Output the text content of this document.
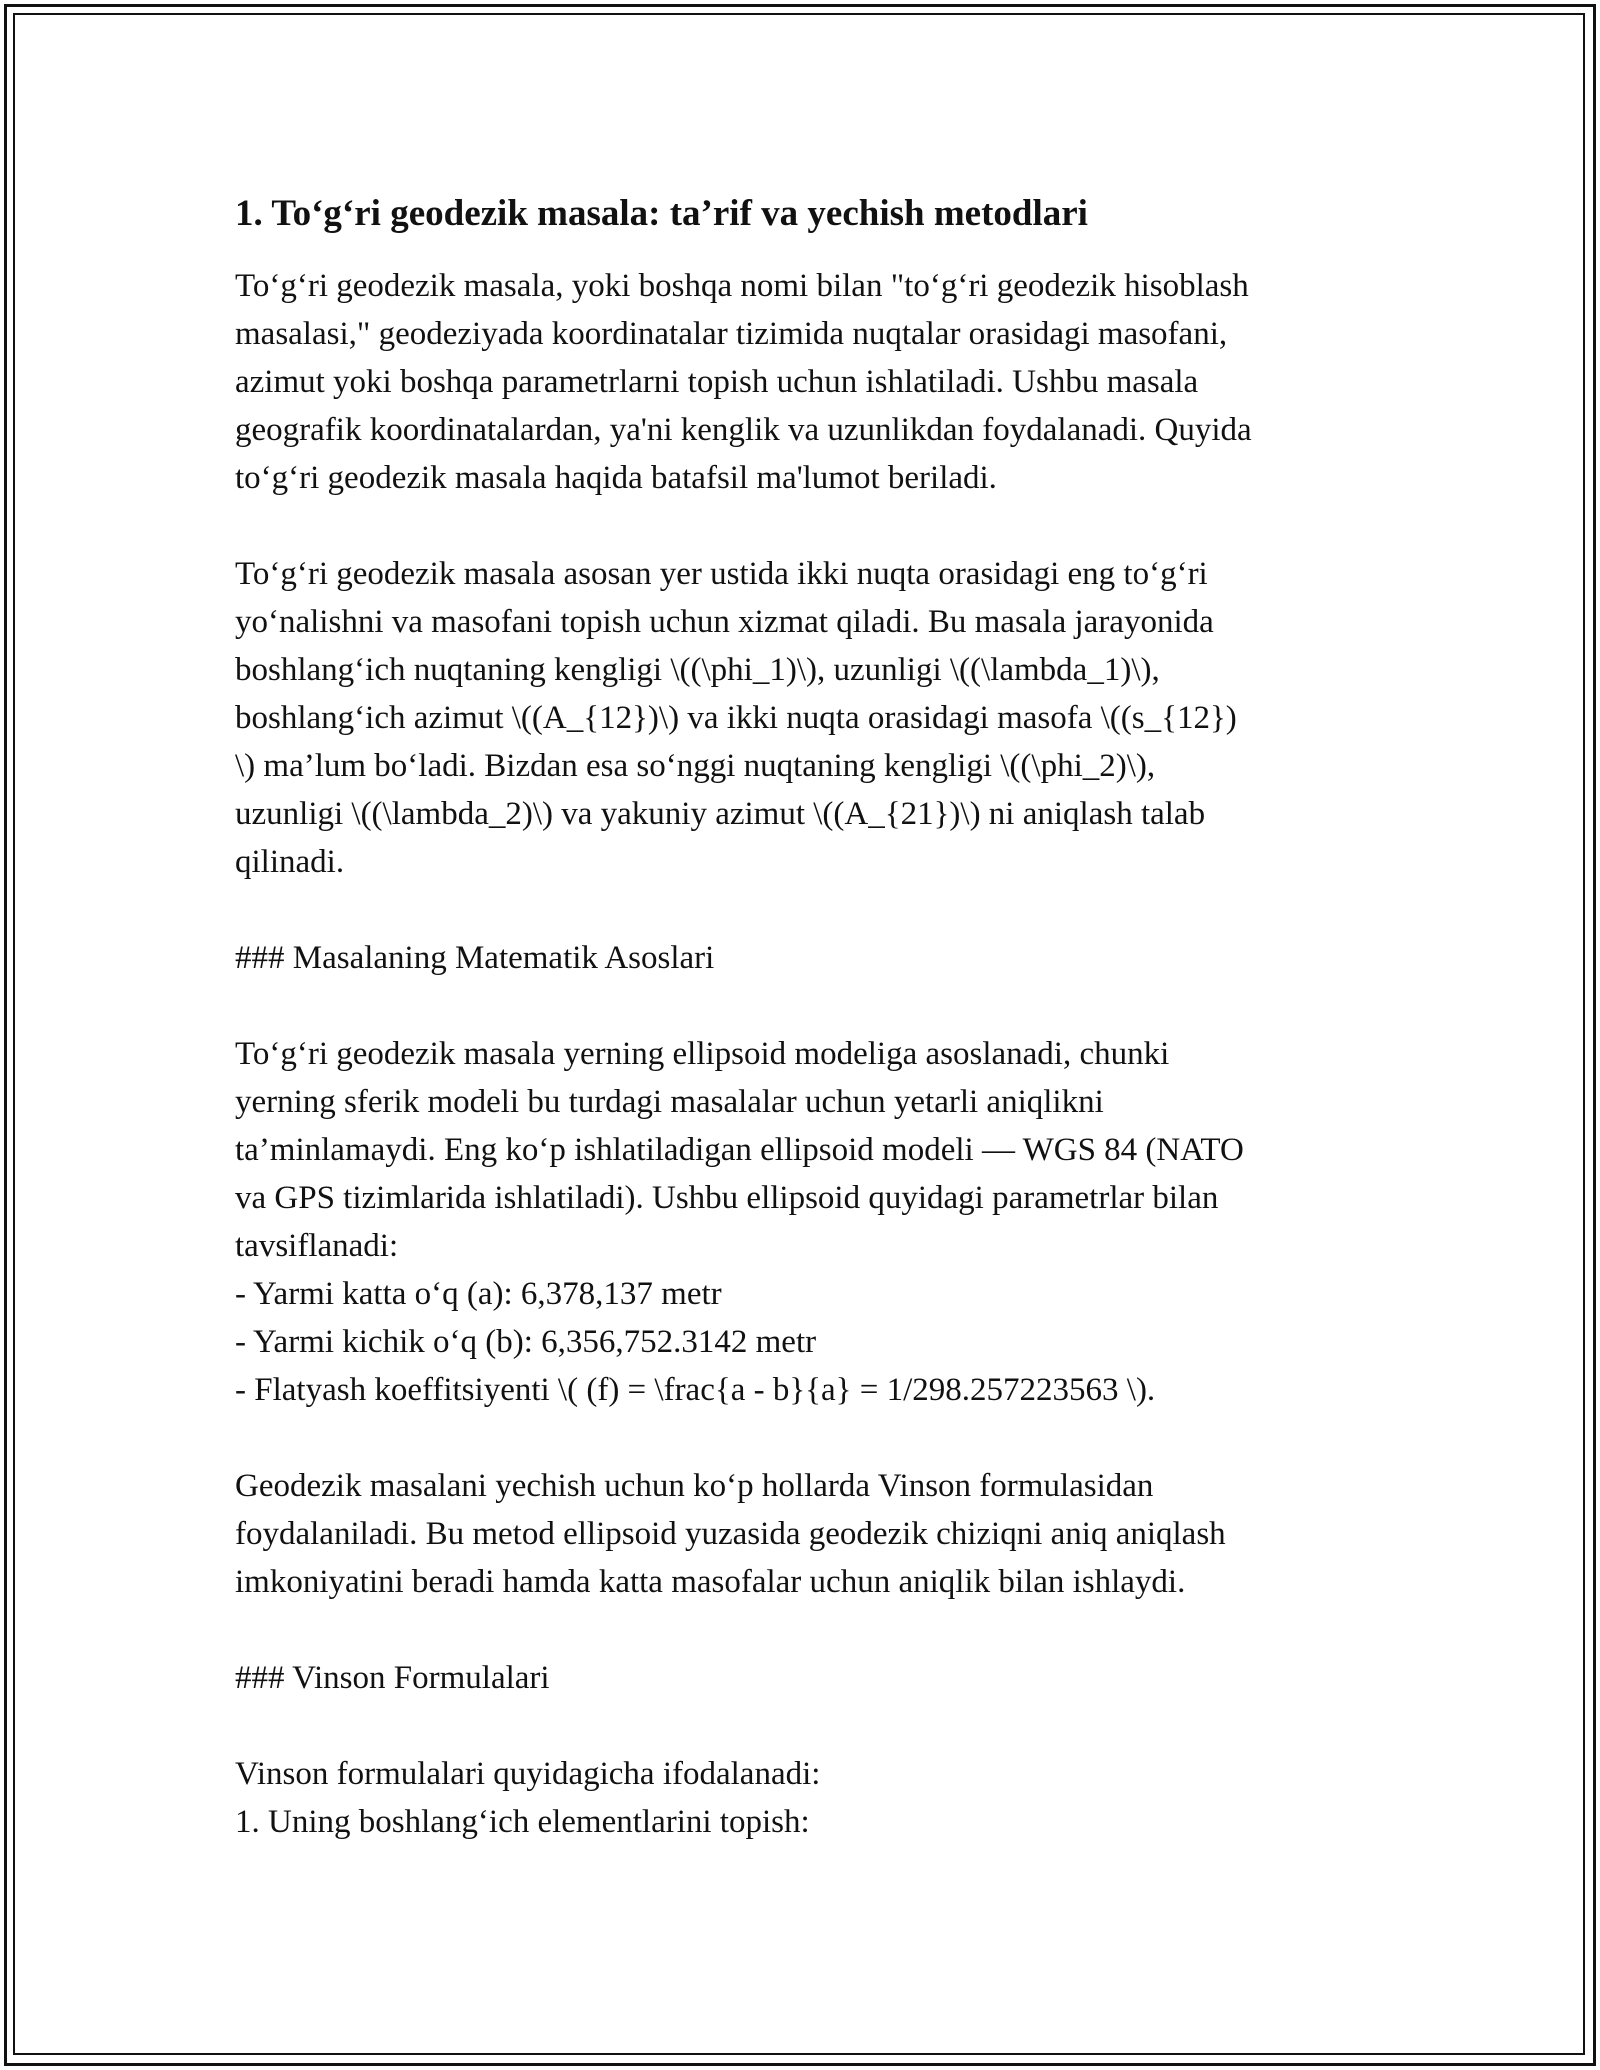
1. To‘g‘ri geodezik masala: ta’rif va yechish metodlari

To‘g‘ri geodezik masala, yoki boshqa nomi bilan "to‘g‘ri geodezik hisoblash
masalasi," geodeziyada koordinatalar tizimida nuqtalar orasidagi masofani,
azimut yoki boshqa parametrlarni topish uchun ishlatiladi. Ushbu masala
geografik koordinatalardan, ya'ni kenglik va uzunlikdan foydalanadi. Quyida
to‘g‘ri geodezik masala haqida batafsil ma'lumot beriladi.

To‘g‘ri geodezik masala asosan yer ustida ikki nuqta orasidagi eng to‘g‘ri
yo‘nalishni va masofani topish uchun xizmat qiladi. Bu masala jarayonida
boshlang‘ich nuqtaning kengligi \((\phi_1)\), uzunligi \((\lambda_1)\),
boshlang‘ich azimut \((A_{12})\) va ikki nuqta orasidagi masofa \((s_{12})
\) ma’lum bo‘ladi. Bizdan esa so‘nggi nuqtaning kengligi \((\phi_2)\),
uzunligi \((\lambda_2)\) va yakuniy azimut \((A_{21})\) ni aniqlash talab
qilinadi.

### Masalaning Matematik Asoslari

To‘g‘ri geodezik masala yerning ellipsoid modeliga asoslanadi, chunki
yerning sferik modeli bu turdagi masalalar uchun yetarli aniqlikni
ta’minlamaydi. Eng ko‘p ishlatiladigan ellipsoid modeli — WGS 84 (NATO
va GPS tizimlarida ishlatiladi). Ushbu ellipsoid quyidagi parametrlar bilan
tavsiflanadi:

- Yarmi katta o‘q (a): 6,378,137 metr

- Yarmi kichik o‘q (b): 6,356,752.3142 metr

- Flatyash koeffitsiyenti \( (f) = \frac{a - b}{a} = 1/298.257223563 \).

Geodezik masalani yechish uchun ko‘p hollarda Vinson formulasidan
foydalaniladi. Bu metod ellipsoid yuzasida geodezik chiziqni aniq aniqlash
imkoniyatini beradi hamda katta masofalar uchun aniqlik bilan ishlaydi.

### Vinson Formulalari

Vinson formulalari quyidagicha ifodalanadi:

1. Uning boshlang‘ich elementlarini topish:
